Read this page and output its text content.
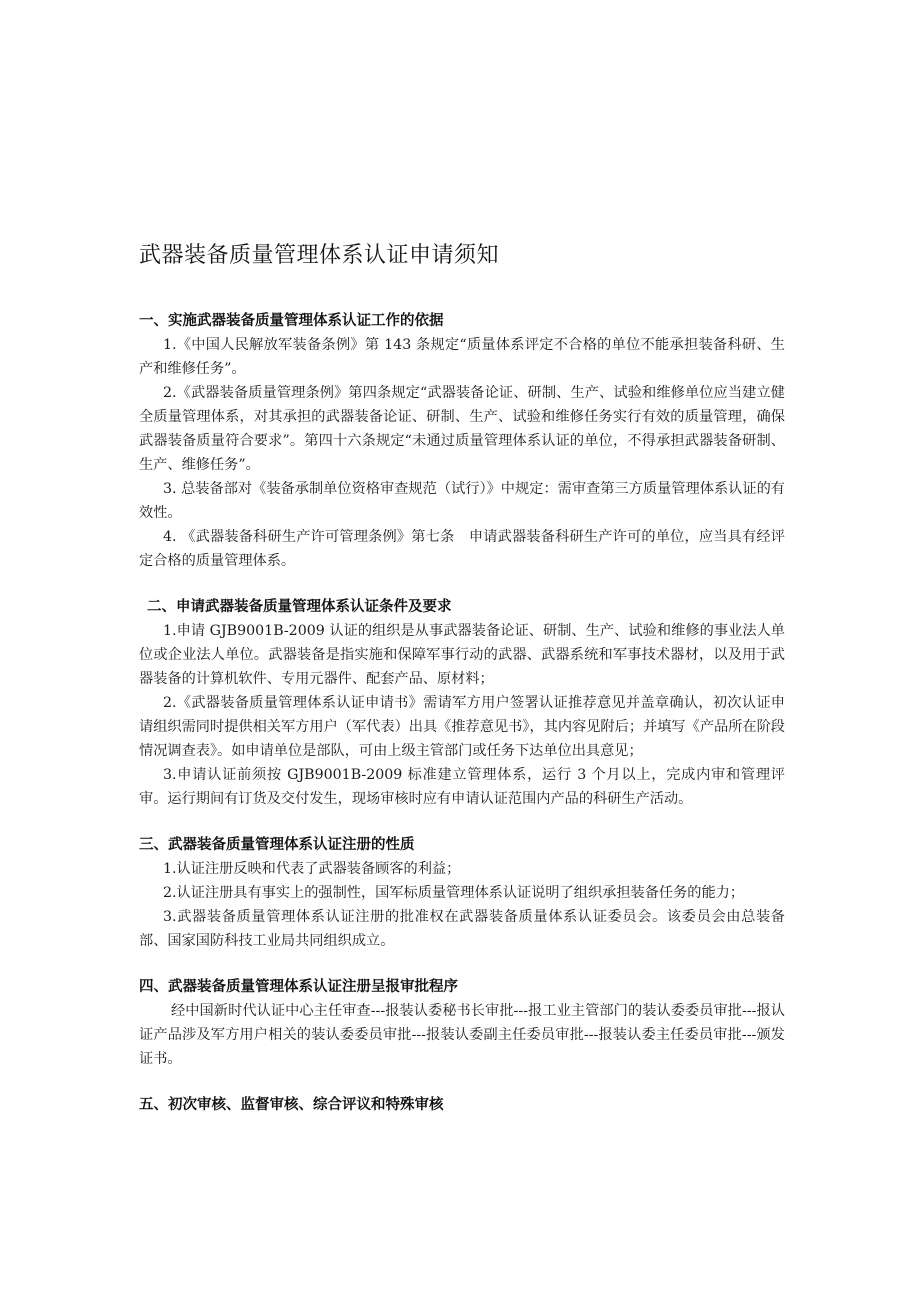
武器装备质量管理体系认证申请须知

一、实施武器装备质量管理体系认证工作的依据

1.《中国人民解放军装备条例》第 143 条规定“质量体系评定不合格的单位不能承担装备科研、生产和维修任务”。

2.《武器装备质量管理条例》第四条规定“武器装备论证、研制、生产、试验和维修单位应当建立健全质量管理体系，对其承担的武器装备论证、研制、生产、试验和维修任务实行有效的质量管理，确保武器装备质量符合要求”。第四十六条规定“未通过质量管理体系认证的单位，不得承担武器装备研制、生产、维修任务”。

3. 总装备部对《装备承制单位资格审查规范（试行）》中规定：需审查第三方质量管理体系认证的有效性。

4. 《武器装备科研生产许可管理条例》第七条　申请武器装备科研生产许可的单位，应当具有经评定合格的质量管理体系。

二、申请武器装备质量管理体系认证条件及要求

1.申请 GJB9001B-2009 认证的组织是从事武器装备论证、研制、生产、试验和维修的事业法人单位或企业法人单位。武器装备是指实施和保障军事行动的武器、武器系统和军事技术器材，以及用于武器装备的计算机软件、专用元器件、配套产品、原材料；

2.《武器装备质量管理体系认证申请书》需请军方用户签署认证推荐意见并盖章确认，初次认证申请组织需同时提供相关军方用户（军代表）出具《推荐意见书》，其内容见附后；并填写《产品所在阶段情况调查表》。如申请单位是部队，可由上级主管部门或任务下达单位出具意见；

3.申请认证前须按 GJB9001B-2009 标准建立管理体系，运行 3 个月以上，完成内审和管理评审。运行期间有订货及交付发生，现场审核时应有申请认证范围内产品的科研生产活动。

三、武器装备质量管理体系认证注册的性质

1.认证注册反映和代表了武器装备顾客的利益；

2.认证注册具有事实上的强制性，国军标质量管理体系认证说明了组织承担装备任务的能力；

3.武器装备质量管理体系认证注册的批准权在武器装备质量体系认证委员会。该委员会由总装备部、国家国防科技工业局共同组织成立。

四、武器装备质量管理体系认证注册呈报审批程序

经中国新时代认证中心主任审查---报装认委秘书长审批---报工业主管部门的装认委委员审批---报认证产品涉及军方用户相关的装认委委员审批---报装认委副主任委员审批---报装认委主任委员审批---颁发证书。

五、初次审核、监督审核、综合评议和特殊审核
